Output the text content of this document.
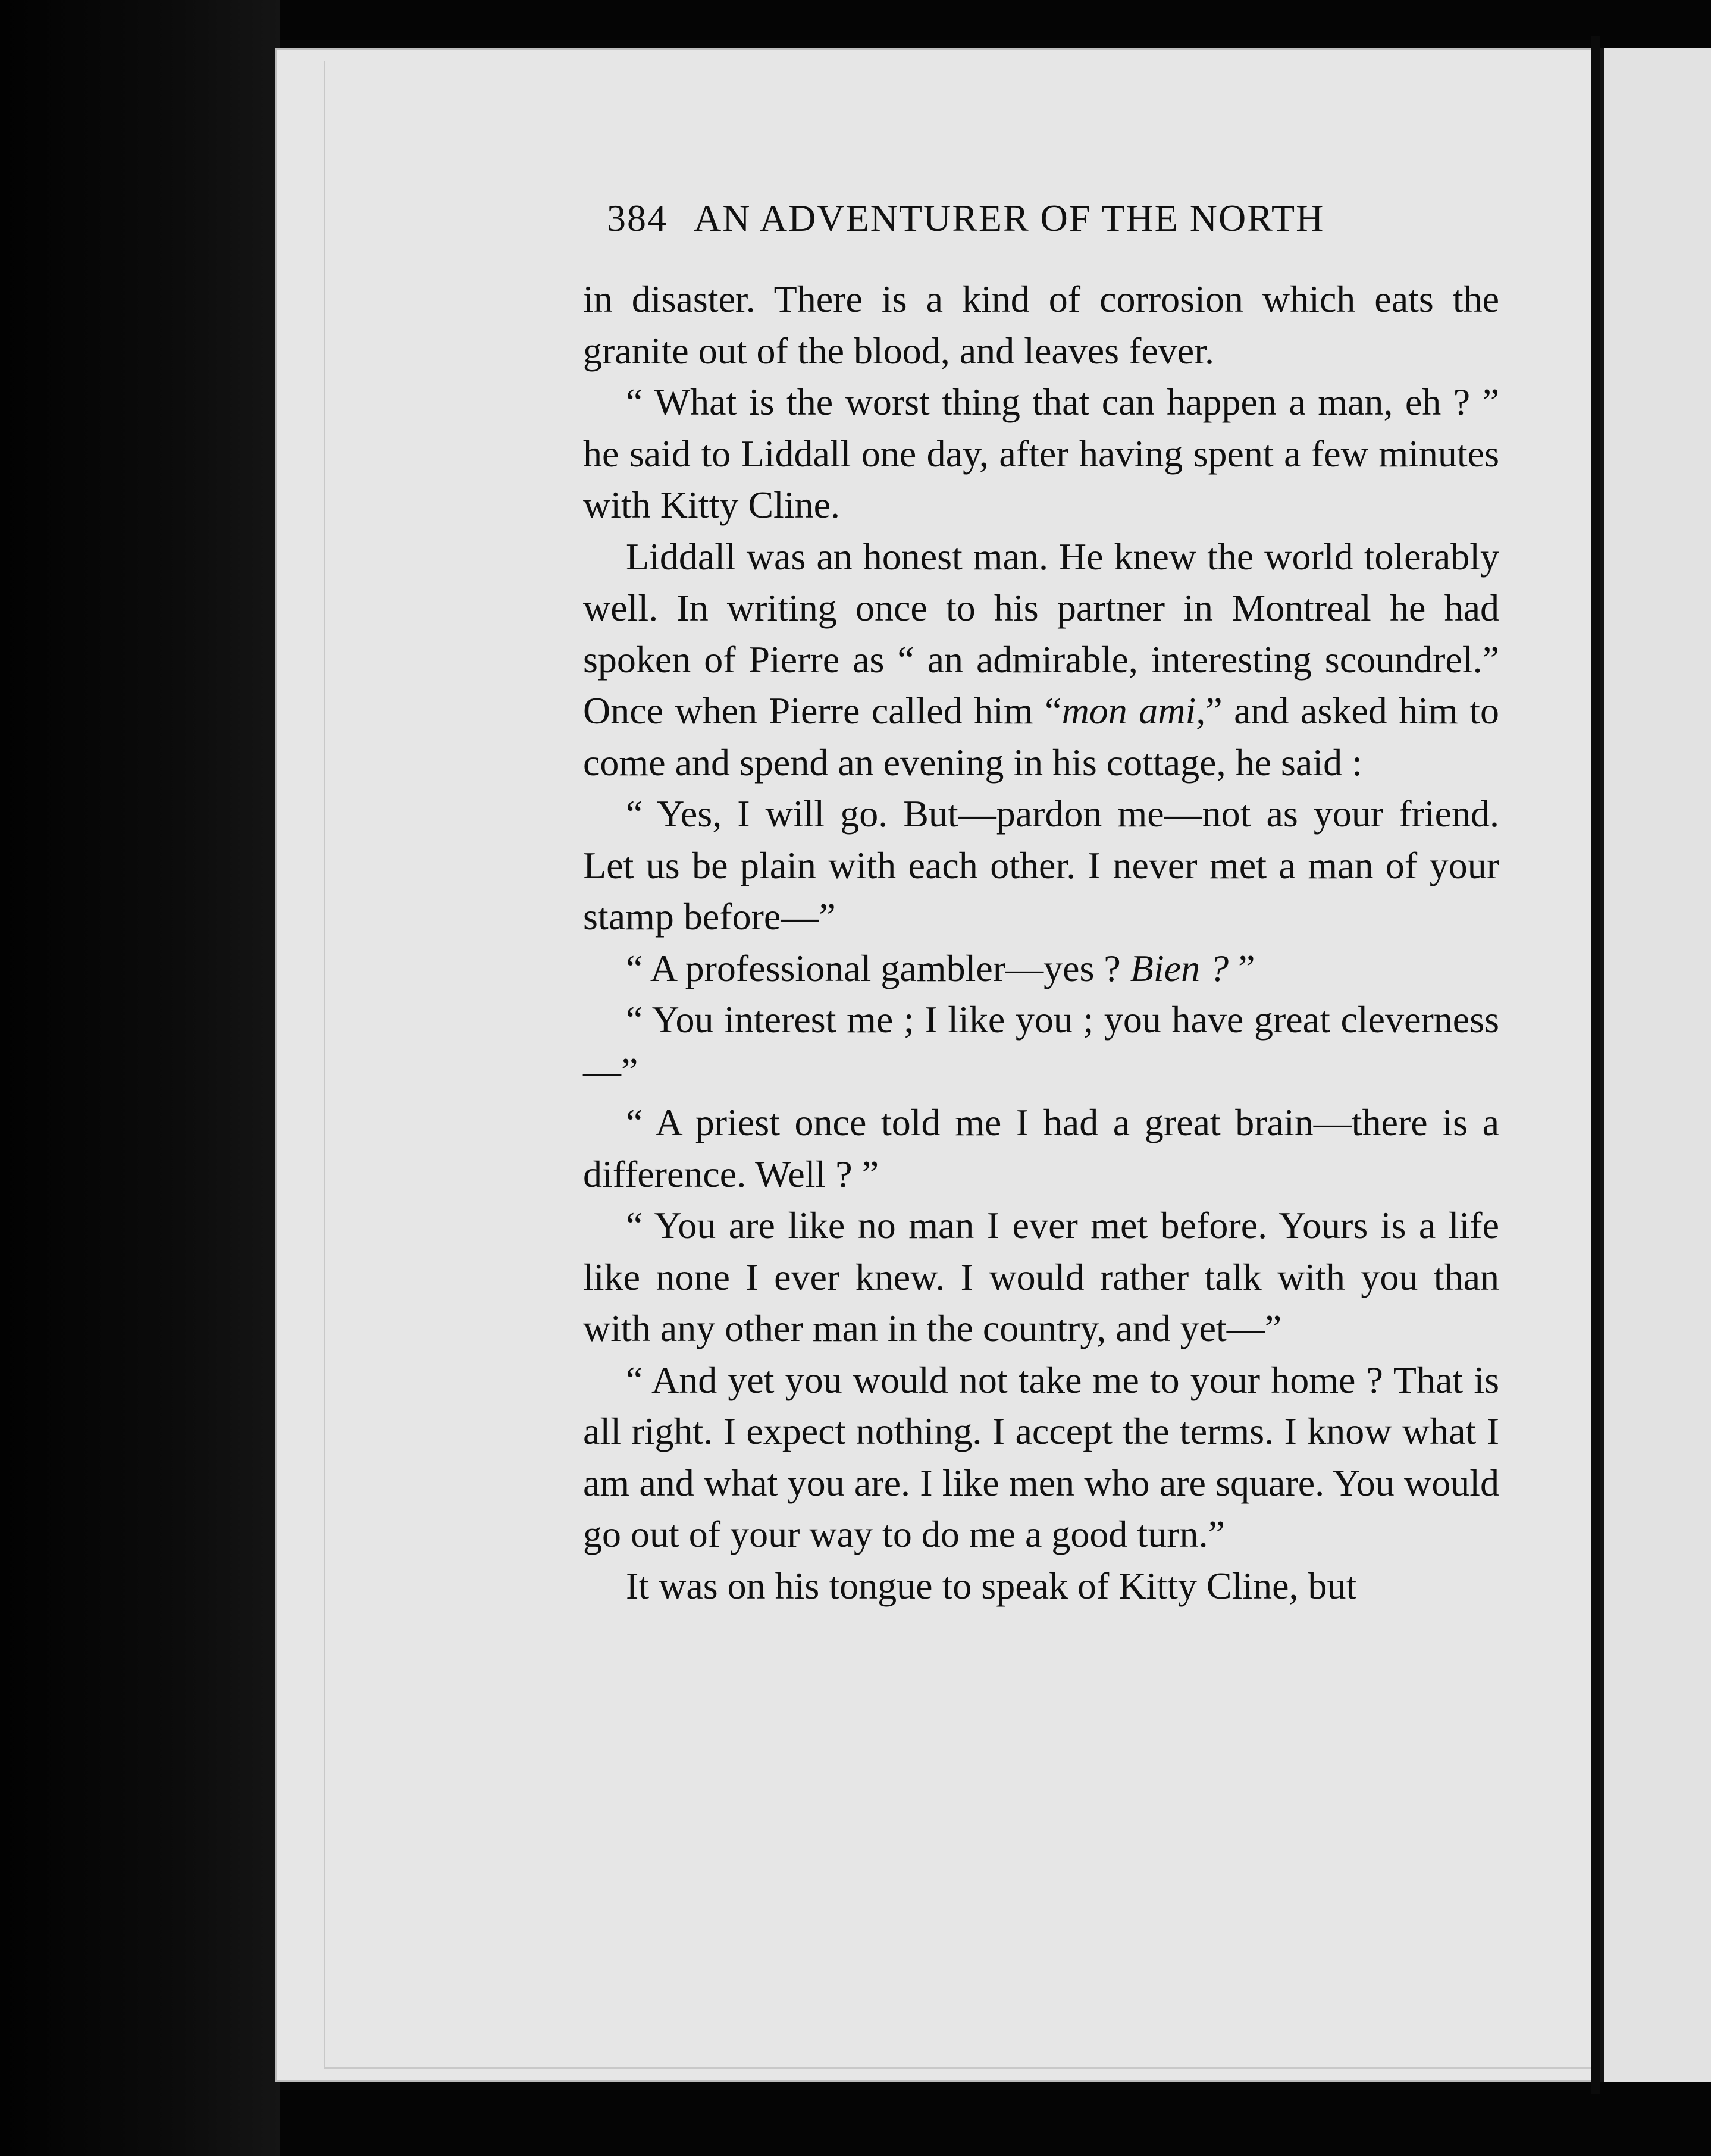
384 AN ADVENTURER OF THE NORTH

in disaster. There is a kind of corrosion which eats the granite out of the blood, and leaves fever.

“ What is the worst thing that can happen a man, eh ? ” he said to Liddall one day, after having spent a few minutes with Kitty Cline.

Liddall was an honest man. He knew the world tolerably well. In writing once to his partner in Montreal he had spoken of Pierre as “ an admirable, interesting scoundrel.” Once when Pierre called him “mon ami,” and asked him to come and spend an evening in his cottage, he said :

“ Yes, I will go. But—pardon me—not as your friend. Let us be plain with each other. I never met a man of your stamp before—”

“ A professional gambler—yes ? Bien ? ”

“ You interest me ; I like you ; you have great cleverness—”

“ A priest once told me I had a great brain—there is a difference. Well ? ”

“ You are like no man I ever met before. Yours is a life like none I ever knew. I would rather talk with you than with any other man in the country, and yet—”

“ And yet you would not take me to your home ? That is all right. I expect nothing. I accept the terms. I know what I am and what you are. I like men who are square. You would go out of your way to do me a good turn.”

It was on his tongue to speak of Kitty Cline, but
